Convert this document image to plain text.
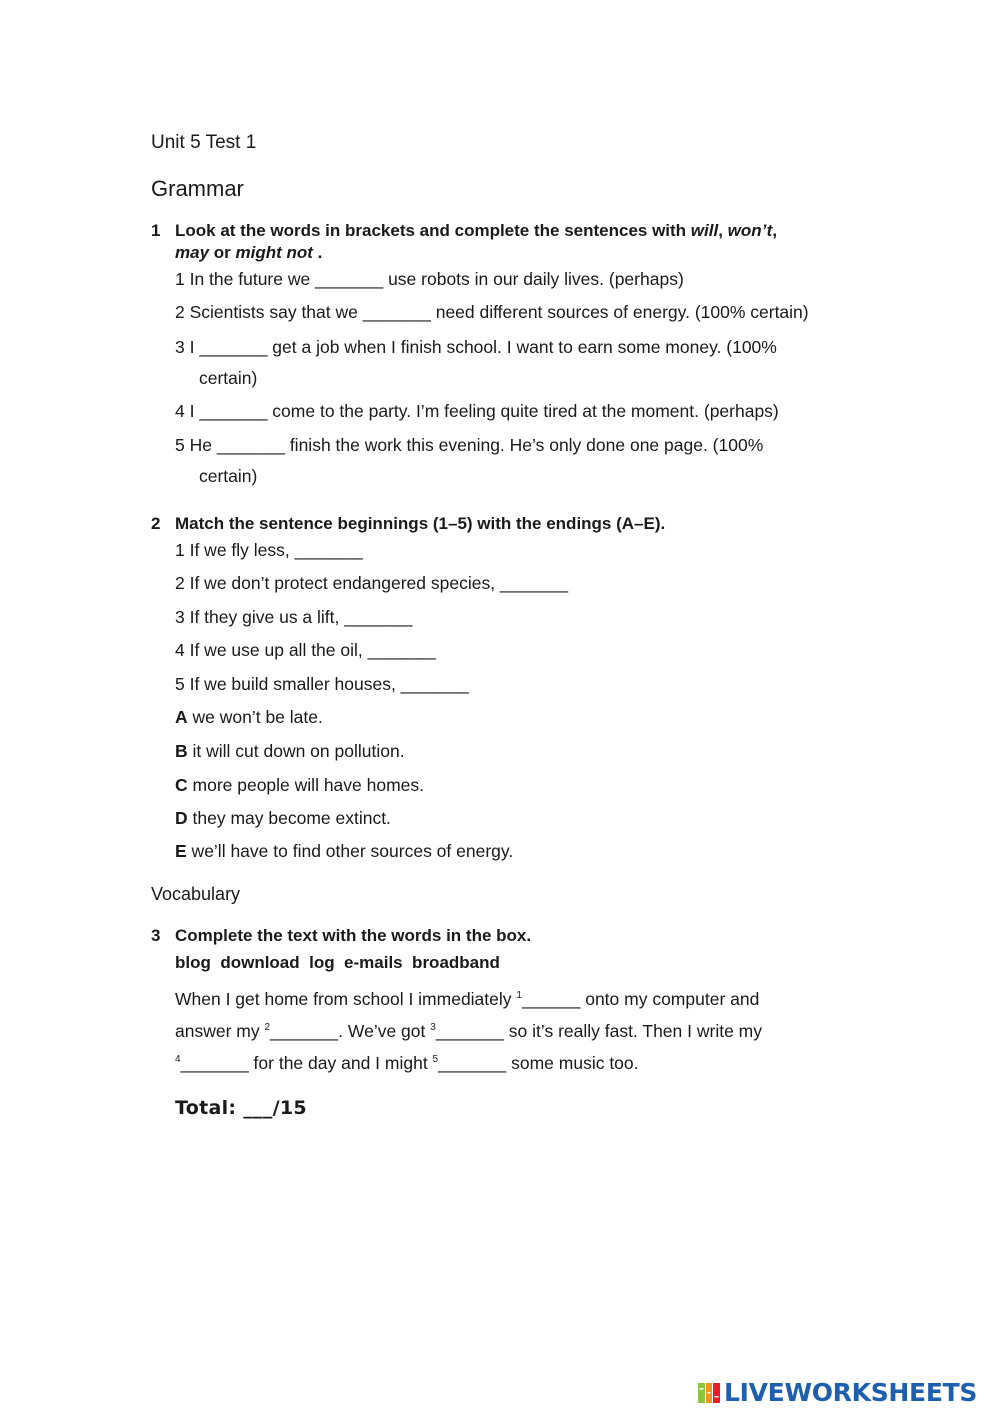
Unit 5 Test 1
Grammar
1 Look at the words in brackets and complete the sentences with will, won’t,
may or might not .
1 In the future we _______ use robots in our daily lives. (perhaps)
2 Scientists say that we _______ need different sources of energy. (100% certain)
3 I _______ get a job when I finish school. I want to earn some money. (100%
certain)
4 I _______ come to the party. I’m feeling quite tired at the moment. (perhaps)
5 He _______ finish the work this evening. He’s only done one page. (100%
certain)
2 Match the sentence beginnings (1–5) with the endings (A–E).
1 If we fly less, _______
2 If we don’t protect endangered species, _______
3 If they give us a lift, _______
4 If we use up all the oil, _______
5 If we build smaller houses, _______
A we won’t be late.
B it will cut down on pollution.
C more people will have homes.
D they may become extinct.
E we’ll have to find other sources of energy.
Vocabulary
3 Complete the text with the words in the box.
blog  download  log  e-mails  broadband
When I get home from school I immediately $^1$______ onto my computer and
answer my $^2$_______. We’ve got $^3$_______ so it’s really fast. Then I write my
$^4$_______ for the day and I might $^5$_______ some music too.
Total: ___/15
LIVEWORKSHEETS
